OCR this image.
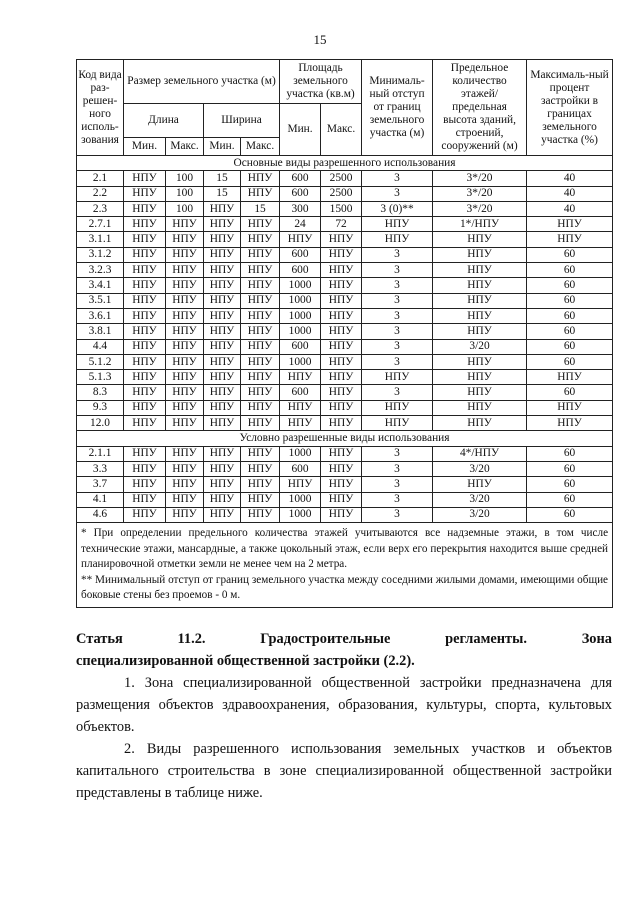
15
Код вида раз-решен-ного исполь-зования	Размер земельного участка (м)				Площадь земельного участка (кв.м)		Минималь-ный отступ от границ земельного участка (м)	Предельное количество этажей/ предельная высота зданий, строений, сооружений (м)	Максималь-ный процент застройки в границах земельного участка (%)
	Длина		Ширина		Мин.	Макс.			
	Мин.	Макс.	Мин.	Макс.					
Основные виды разрешенного использования									
2.1	НПУ	100	15	НПУ	600	2500	3	3*/20	40
2.2	НПУ	100	15	НПУ	600	2500	3	3*/20	40
2.3	НПУ	100	НПУ	15	300	1500	3 (0)**	3*/20	40
2.7.1	НПУ	НПУ	НПУ	НПУ	24	72	НПУ	1*/НПУ	НПУ
3.1.1	НПУ	НПУ	НПУ	НПУ	НПУ	НПУ	НПУ	НПУ	НПУ
3.1.2	НПУ	НПУ	НПУ	НПУ	600	НПУ	3	НПУ	60
3.2.3	НПУ	НПУ	НПУ	НПУ	600	НПУ	3	НПУ	60
3.4.1	НПУ	НПУ	НПУ	НПУ	1000	НПУ	3	НПУ	60
3.5.1	НПУ	НПУ	НПУ	НПУ	1000	НПУ	3	НПУ	60
3.6.1	НПУ	НПУ	НПУ	НПУ	1000	НПУ	3	НПУ	60
3.8.1	НПУ	НПУ	НПУ	НПУ	1000	НПУ	3	НПУ	60
4.4	НПУ	НПУ	НПУ	НПУ	600	НПУ	3	3/20	60
5.1.2	НПУ	НПУ	НПУ	НПУ	1000	НПУ	3	НПУ	60
5.1.3	НПУ	НПУ	НПУ	НПУ	НПУ	НПУ	НПУ	НПУ	НПУ
8.3	НПУ	НПУ	НПУ	НПУ	600	НПУ	3	НПУ	60
9.3	НПУ	НПУ	НПУ	НПУ	НПУ	НПУ	НПУ	НПУ	НПУ
12.0	НПУ	НПУ	НПУ	НПУ	НПУ	НПУ	НПУ	НПУ	НПУ
Условно разрешенные виды использования									
2.1.1	НПУ	НПУ	НПУ	НПУ	1000	НПУ	3	4*/НПУ	60
3.3	НПУ	НПУ	НПУ	НПУ	600	НПУ	3	3/20	60
3.7	НПУ	НПУ	НПУ	НПУ	НПУ	НПУ	3	НПУ	60
4.1	НПУ	НПУ	НПУ	НПУ	1000	НПУ	3	3/20	60
4.6	НПУ	НПУ	НПУ	НПУ	1000	НПУ	3	3/20	60

* При определении предельного количества этажей учитываются все надземные этажи, в том числе технические этажи, мансардные, а также цокольный этаж, если верх его перекрытия находится выше средней планировочной отметки земли не менее чем на 2 метра.
** Минимальный отступ от границ земельного участка между соседними жилыми домами, имеющими общие боковые стены без проемов - 0 м.									
Статья 11.2. Градостроительные регламенты. Зона
специализированной общественной застройки (2.2).

1. Зона специализированной общественной застройки предназначена для размещения объектов здравоохранения, образования, культуры, спорта, культовых объектов.

2. Виды разрешенного использования земельных участков и объектов капитального строительства в зоне специализированной общественной застройки представлены в таблице ниже.
